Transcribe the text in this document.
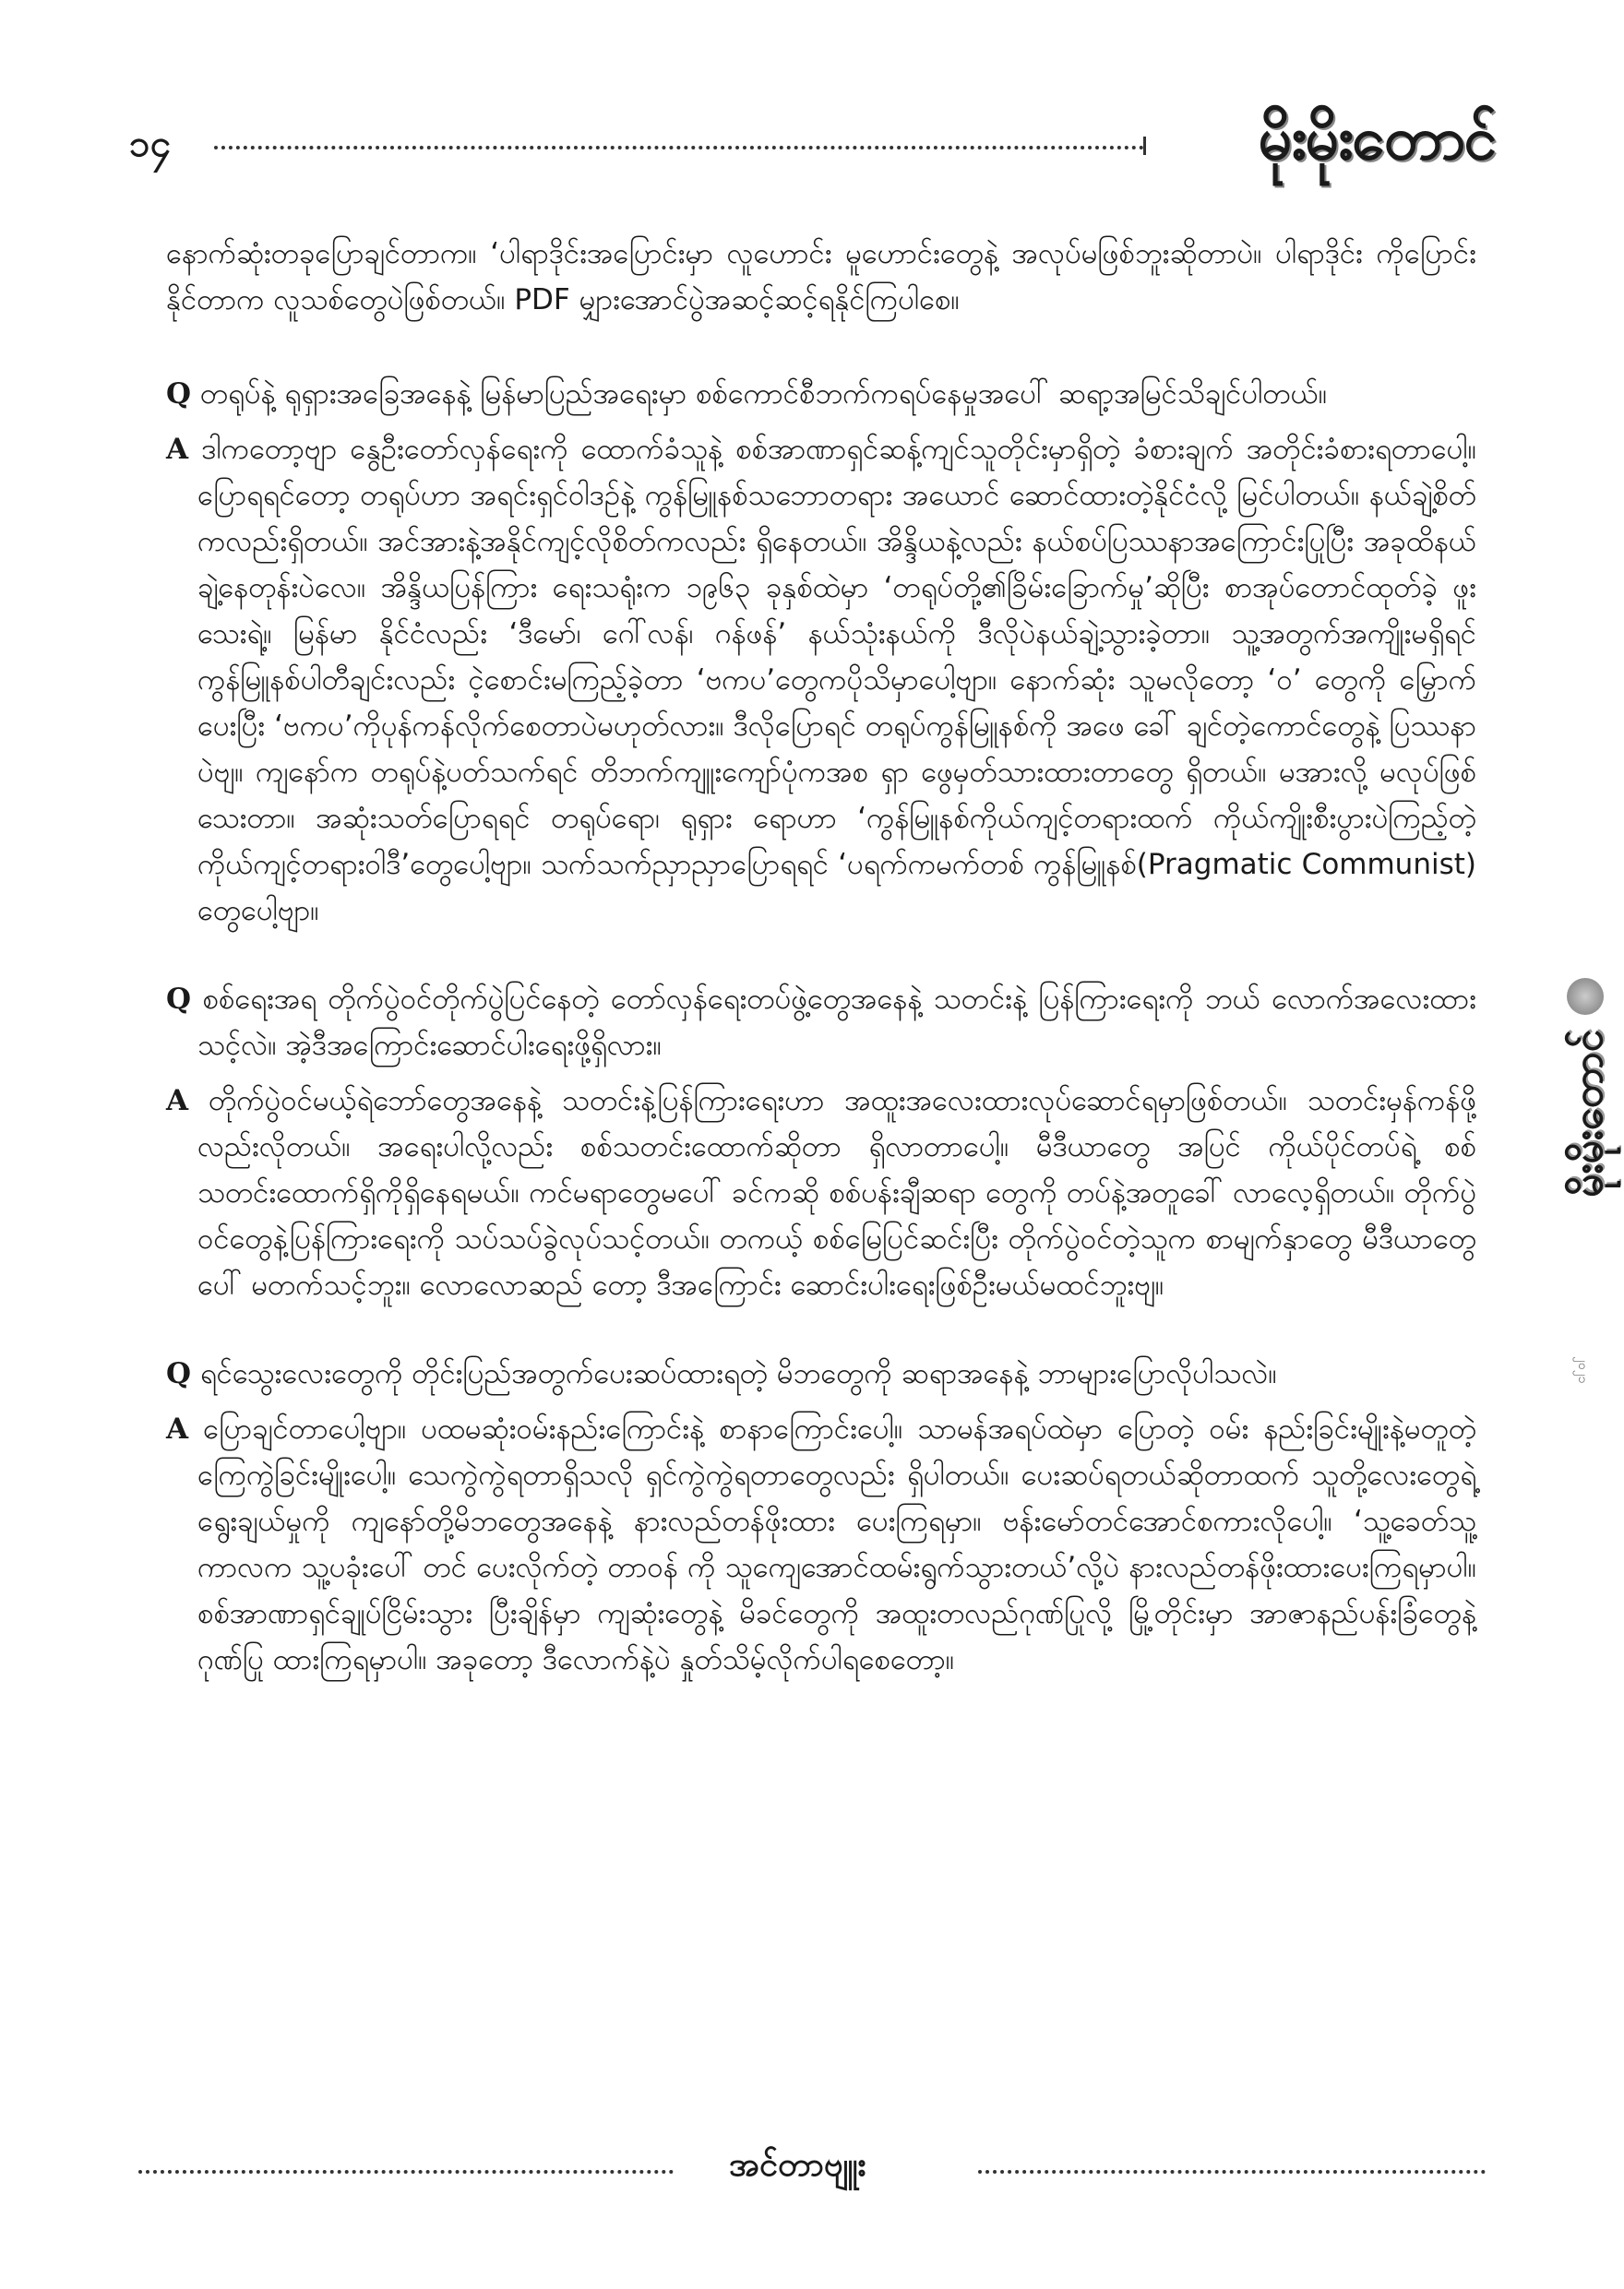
၁၄	မိုးမိုးတောင်

နောက်ဆုံးတခုပြောချင်တာက။ ‘ပါရာဒိုင်းအပြောင်းမှာ လူဟောင်း မူဟောင်းတွေနဲ့ အလုပ်မဖြစ်ဘူးဆိုတာပဲ။ ပါရာဒိုင်း ကိုပြောင်းနိုင်တာက လူသစ်တွေပဲဖြစ်တယ်။ PDF မျှားအောင်ပွဲအဆင့်ဆင့်ရနိုင်ကြပါစေ။

Q တရုပ်နဲ့ ရုရှားအခြေအနေနဲ့ မြန်မာပြည်အရေးမှာ စစ်ကောင်စီဘက်ကရပ်နေမှုအပေါ် ဆရာ့အမြင်သိချင်ပါတယ်။

A ဒါကတော့ဗျာ နွေဦးတော်လှန်ရေးကို ထောက်ခံသူနဲ့ စစ်အာဏာရှင်ဆန့်ကျင်သူတိုင်းမှာရှိတဲ့ ခံစားချက် အတိုင်းခံစားရတာပေါ့။ ပြောရရင်တော့ တရုပ်ဟာ အရင်းရှင်ဝါဒဉ်နဲ့ ကွန်မြူနစ်သဘောတရား အယောင် ဆောင်ထားတဲ့နိုင်ငံလို့ မြင်ပါတယ်။ နယ်ချဲ့စိတ်ကလည်းရှိတယ်။ အင်အားနဲ့အနိုင်ကျင့်လိုစိတ်ကလည်း ရှိနေတယ်။ အိန္ဒိယနဲ့လည်း နယ်စပ်ပြဿနာအကြောင်းပြုပြီး အခုထိနယ်ချဲ့နေတုန်းပဲလေ။ အိန္ဒိယပြန်ကြား ရေးသရုံးက ၁၉၆၃ ခုနှစ်ထဲမှာ ‘တရုပ်တို့၏ခြိမ်းခြောက်မှု’ဆိုပြီး စာအုပ်တောင်ထုတ်ခဲ့ ဖူးသေးရဲ့။ မြန်မာ နိုင်ငံလည်း ‘ဒီမော်၊ ဂေါ်လန်၊ ဂန်ဖန်’ နယ်သုံးနယ်ကို ဒီလိုပဲနယ်ချဲ့သွားခဲ့တာ။ သူ့အတွက်အကျိုးမရှိရင် ကွန်မြူနစ်ပါတီချင်းလည်း ငဲ့စောင်းမကြည့်ခဲ့တာ ‘ဗကပ’တွေကပိုသိမှာပေါ့ဗျာ။ နောက်ဆုံး သူမလိုတော့ ‘ဝ’ တွေကို မြှောက်ပေးပြီး ‘ဗကပ’ကိုပုန်ကန်လိုက်စေတာပဲမဟုတ်လား။ ဒီလိုပြောရင် တရုပ်ကွန်မြူနစ်ကို အဖေ ခေါ် ချင်တဲ့ကောင်တွေနဲ့ ပြဿနာပဲဗျ။ ကျနော်က တရုပ်နဲ့ပတ်သက်ရင် တိဘက်ကျူးကျော်ပုံကအစ ရှာ ဖွေမှတ်သားထားတာတွေ ရှိတယ်။ မအားလို့ မလုပ်ဖြစ်သေးတာ။ အဆုံးသတ်ပြောရရင် တရုပ်ရော၊ ရုရှား ရောဟာ ‘ကွန်မြူနစ်ကိုယ်ကျင့်တရားထက် ကိုယ်ကျိုးစီးပွားပဲကြည့်တဲ့ ကိုယ်ကျင့်တရားဝါဒီ’တွေပေါ့ဗျာ။ သက်သက်ညှာညှာပြောရရင် ‘ပရက်ကမက်တစ် ကွန်မြူနစ်(Pragmatic Communist) တွေပေါ့ဗျာ။

Q စစ်ရေးအရ တိုက်ပွဲဝင်တိုက်ပွဲပြင်နေတဲ့ တော်လှန်ရေးတပ်ဖွဲ့တွေအနေနဲ့ သတင်းနဲ့ ပြန်ကြားရေးကို ဘယ် လောက်အလေးထားသင့်လဲ။ အဲ့ဒီအကြောင်းဆောင်ပါးရေးဖို့ရှိလား။

A တိုက်ပွဲဝင်မယ့်ရဲဘော်တွေအနေနဲ့ သတင်းနဲ့ပြန်ကြားရေးဟာ အထူးအလေးထားလုပ်ဆောင်ရမှာဖြစ်တယ်။ သတင်းမှန်ကန်ဖို့လည်းလိုတယ်။ အရေးပါလို့လည်း စစ်သတင်းထောက်ဆိုတာ ရှိလာတာပေါ့။ မီဒီယာတွေ အပြင် ကိုယ်ပိုင်တပ်ရဲ့ စစ်သတင်းထောက်ရှိကိုရှိနေရမယ်။ ကင်မရာတွေမပေါ် ခင်ကဆို စစ်ပန်းချီဆရာ တွေကို တပ်နဲ့အတူခေါ် လာလေ့ရှိတယ်။ တိုက်ပွဲဝင်တွေနဲ့ပြန်ကြားရေးကို သပ်သပ်ခွဲလုပ်သင့်တယ်။ တကယ့် စစ်မြေပြင်ဆင်းပြီး တိုက်ပွဲဝင်တဲ့သူက စာမျက်နှာတွေ မီဒီယာတွေပေါ် မတက်သင့်ဘူး။ လောလောဆည် တော့ ဒီအကြောင်း ဆောင်းပါးရေးဖြစ်ဦးမယ်မထင်ဘူးဗျ။

Q ရင်သွေးလေးတွေကို တိုင်းပြည်အတွက်ပေးဆပ်ထားရတဲ့ မိဘတွေကို ဆရာအနေနဲ့ ဘာများပြောလိုပါသလဲ။

A ပြောချင်တာပေါ့ဗျာ။ ပထမဆုံးဝမ်းနည်းကြောင်းနဲ့ စာနာကြောင်းပေါ့။ သာမန်အရပ်ထဲမှာ ပြောတဲ့ ဝမ်း နည်းခြင်းမျိုးနဲ့မတူတဲ့ ကြေကွဲခြင်းမျိုးပေါ့။ သေကွဲကွဲရတာရှိသလို ရှင်ကွဲကွဲရတာတွေလည်း ရှိပါတယ်။ ပေးဆပ်ရတယ်ဆိုတာထက် သူတို့လေးတွေရဲ့ရွေးချယ်မှုကို ကျနော်တို့မိဘတွေအနေနဲ့ နားလည်တန်ဖိုးထား ပေးကြရမှာ။ ဗန်းမော်တင်အောင်စကားလိုပေါ့။ ‘သူ့ခေတ်သူ့ကာလက သူ့ပခုံးပေါ် တင် ပေးလိုက်တဲ့ တာဝန် ကို သူကျေအောင်ထမ်းရွက်သွားတယ်’လို့ပဲ နားလည်တန်ဖိုးထားပေးကြရမှာပါ။ စစ်အာဏာရှင်ချုပ်ငြိမ်းသွား ပြီးချိန်မှာ ကျဆုံးတွေနဲ့ မိခင်တွေကို အထူးတလည်ဂုဏ်ပြုလို့ မြို့တိုင်းမှာ အာဇာနည်ပန်းခြံတွေနဲ့ ဂုဏ်ပြု ထားကြရမှာပါ။ အခုတော့ ဒီလောက်နဲ့ပဲ နှုတ်သိမ့်လိုက်ပါရစေတော့။

မိုးမိုးတောင်
၂၀၂၁
အင်တာဗျူး
